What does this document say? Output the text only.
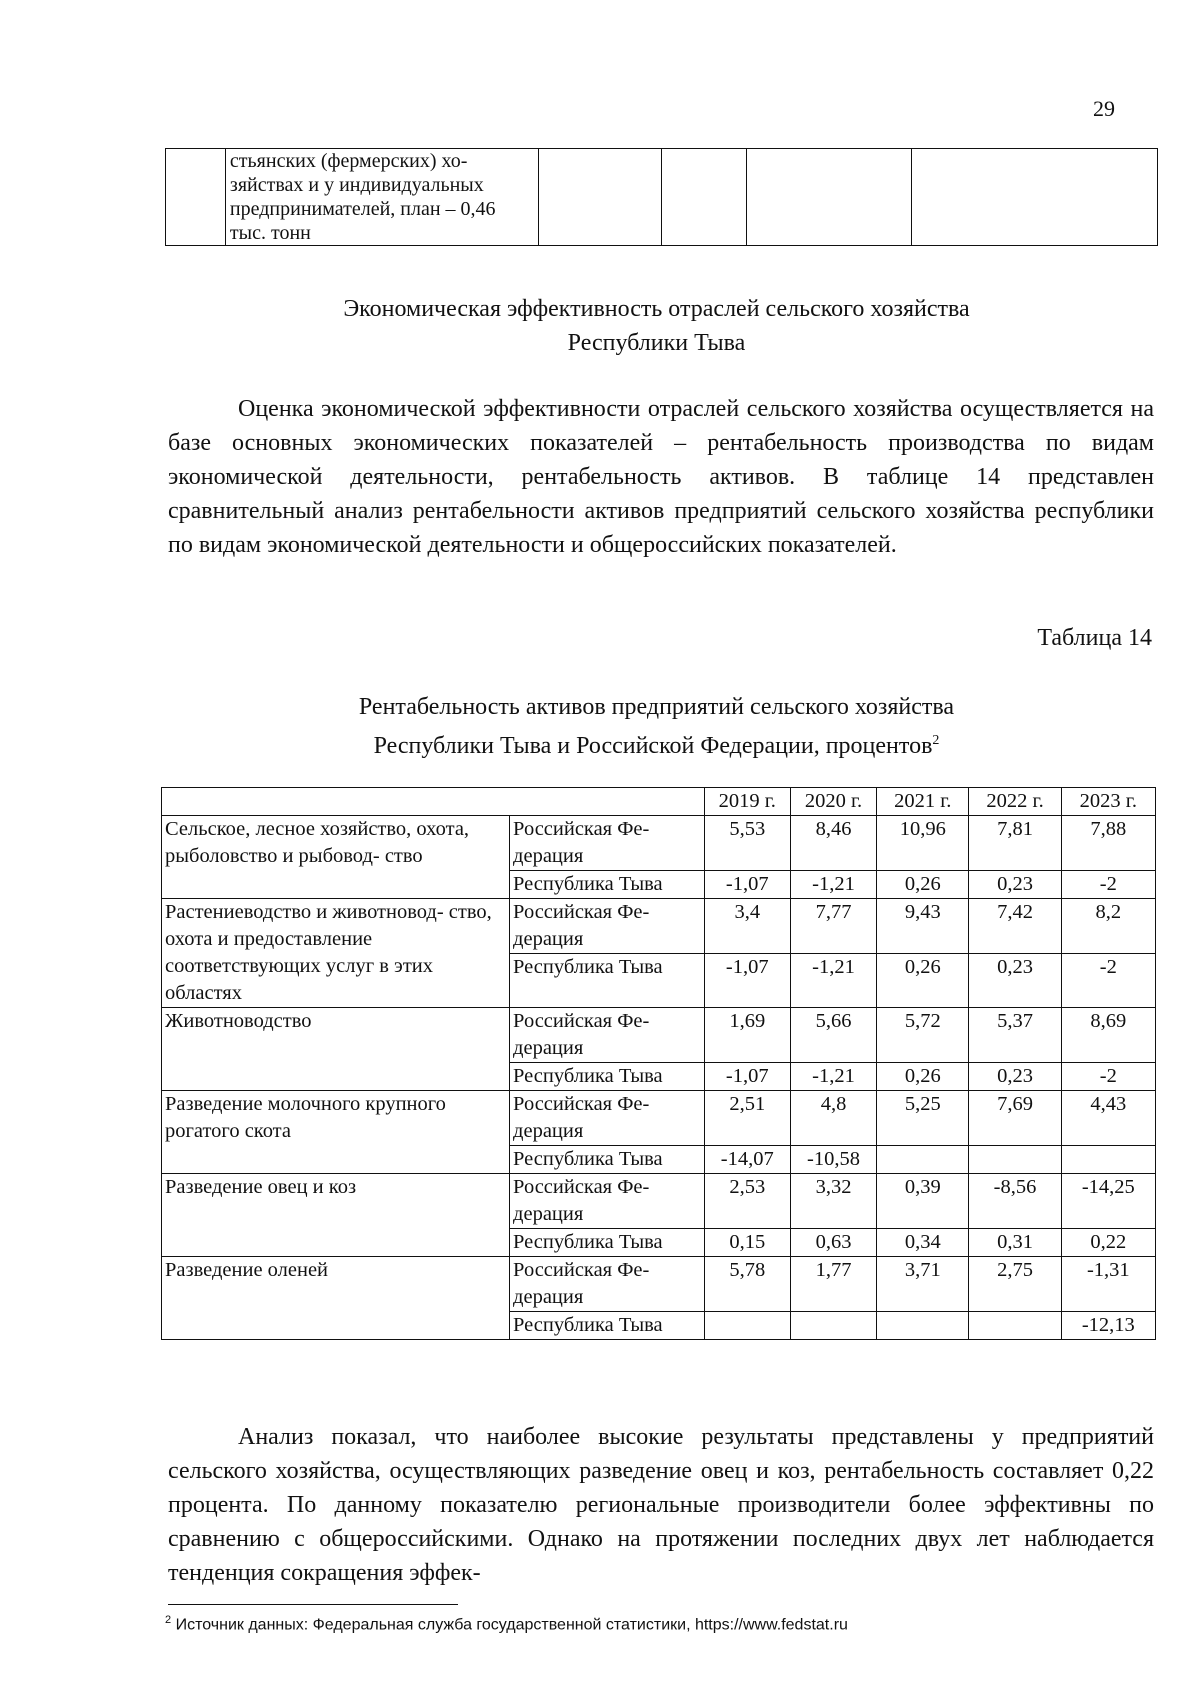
29

стьянских (фермерских) хо-
зяйствах и у индивидуальных
предпринимателей, план – 0,46
тыс. тонн

Экономическая эффективность отраслей сельского хозяйства
Республики Тыва
Оценка экономической эффективности отраслей сельского хозяйства осуществляется на базе основных экономических показателей – рентабельность производства по видам экономической деятельности, рентабельность активов. В таблице 14 представлен сравнительный анализ рентабельности активов предприятий сельского хозяйства республики по видам экономической деятельности и общероссийских показателей.
Таблица 14
Рентабельность активов предприятий сельского хозяйства
Республики Тыва и Российской Федерации, процентов$^2$
		2019 г.	2020 г.	2021 г.	2022 г.	2023 г.
Сельское, лесное хозяйство, охота, рыболовство и рыбовод- ство	Российская Фе- дерация	5,53	8,46	10,96	7,81	7,88
	Республика Тыва	-1,07	-1,21	0,26	0,23	-2
Растениеводство и животновод- ство, охота и предоставление соответствующих услуг в этих областях	Российская Фе- дерация	3,4	7,77	9,43	7,42	8,2
	Республика Тыва	-1,07	-1,21	0,26	0,23	-2
Животноводство	Российская Фе- дерация	1,69	5,66	5,72	5,37	8,69
	Республика Тыва	-1,07	-1,21	0,26	0,23	-2
Разведение молочного крупного рогатого скота	Российская Фе- дерация	2,51	4,8	5,25	7,69	4,43
	Республика Тыва	-14,07	-10,58			
Разведение овец и коз	Российская Фе- дерация	2,53	3,32	0,39	-8,56	-14,25
	Республика Тыва	0,15	0,63	0,34	0,31	0,22
Разведение оленей	Российская Фе- дерация	5,78	1,77	3,71	2,75	-1,31
	Республика Тыва					-12,13
Анализ показал, что наиболее высокие результаты представлены у предприятий сельского хозяйства, осуществляющих разведение овец и коз, рентабельность составляет 0,22 процента. По данному показателю региональные производители более эффективны по сравнению с общероссийскими. Однако на протяжении последних двух лет наблюдается тенденция сокращения эффек-
$^2$ Источник данных: Федеральная служба государственной статистики, https://www.fedstat.ru
